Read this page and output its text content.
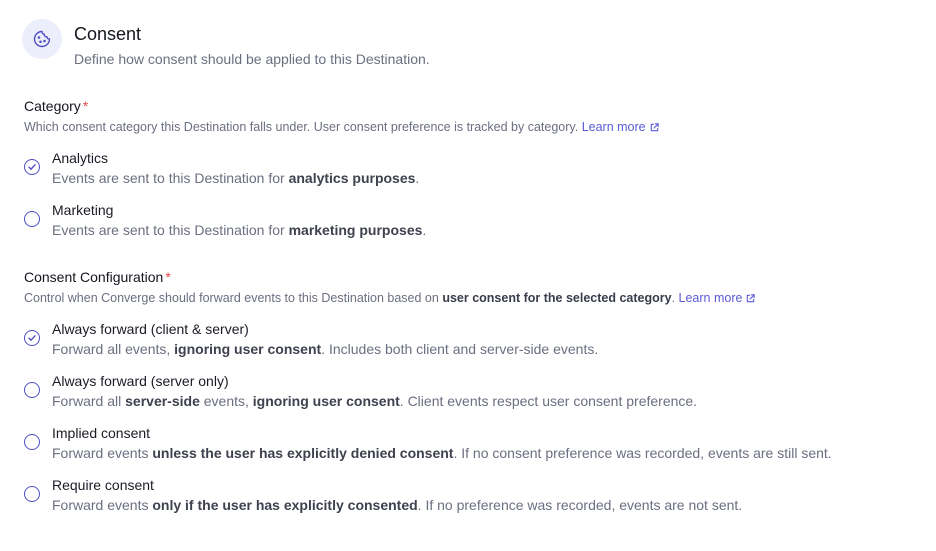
Consent
Define how consent should be applied to this Destination.
Category *
Which consent category this Destination falls under. User consent preference is tracked by category. Learn more
Analytics
Events are sent to this Destination for analytics purposes.
Marketing
Events are sent to this Destination for marketing purposes.
Consent Configuration *
Control when Converge should forward events to this Destination based on user consent for the selected category. Learn more
Always forward (client & server)
Forward all events, ignoring user consent. Includes both client and server-side events.
Always forward (server only)
Forward all server-side events, ignoring user consent. Client events respect user consent preference.
Implied consent
Forward events unless the user has explicitly denied consent. If no consent preference was recorded, events are still sent.
Require consent
Forward events only if the user has explicitly consented. If no preference was recorded, events are not sent.
